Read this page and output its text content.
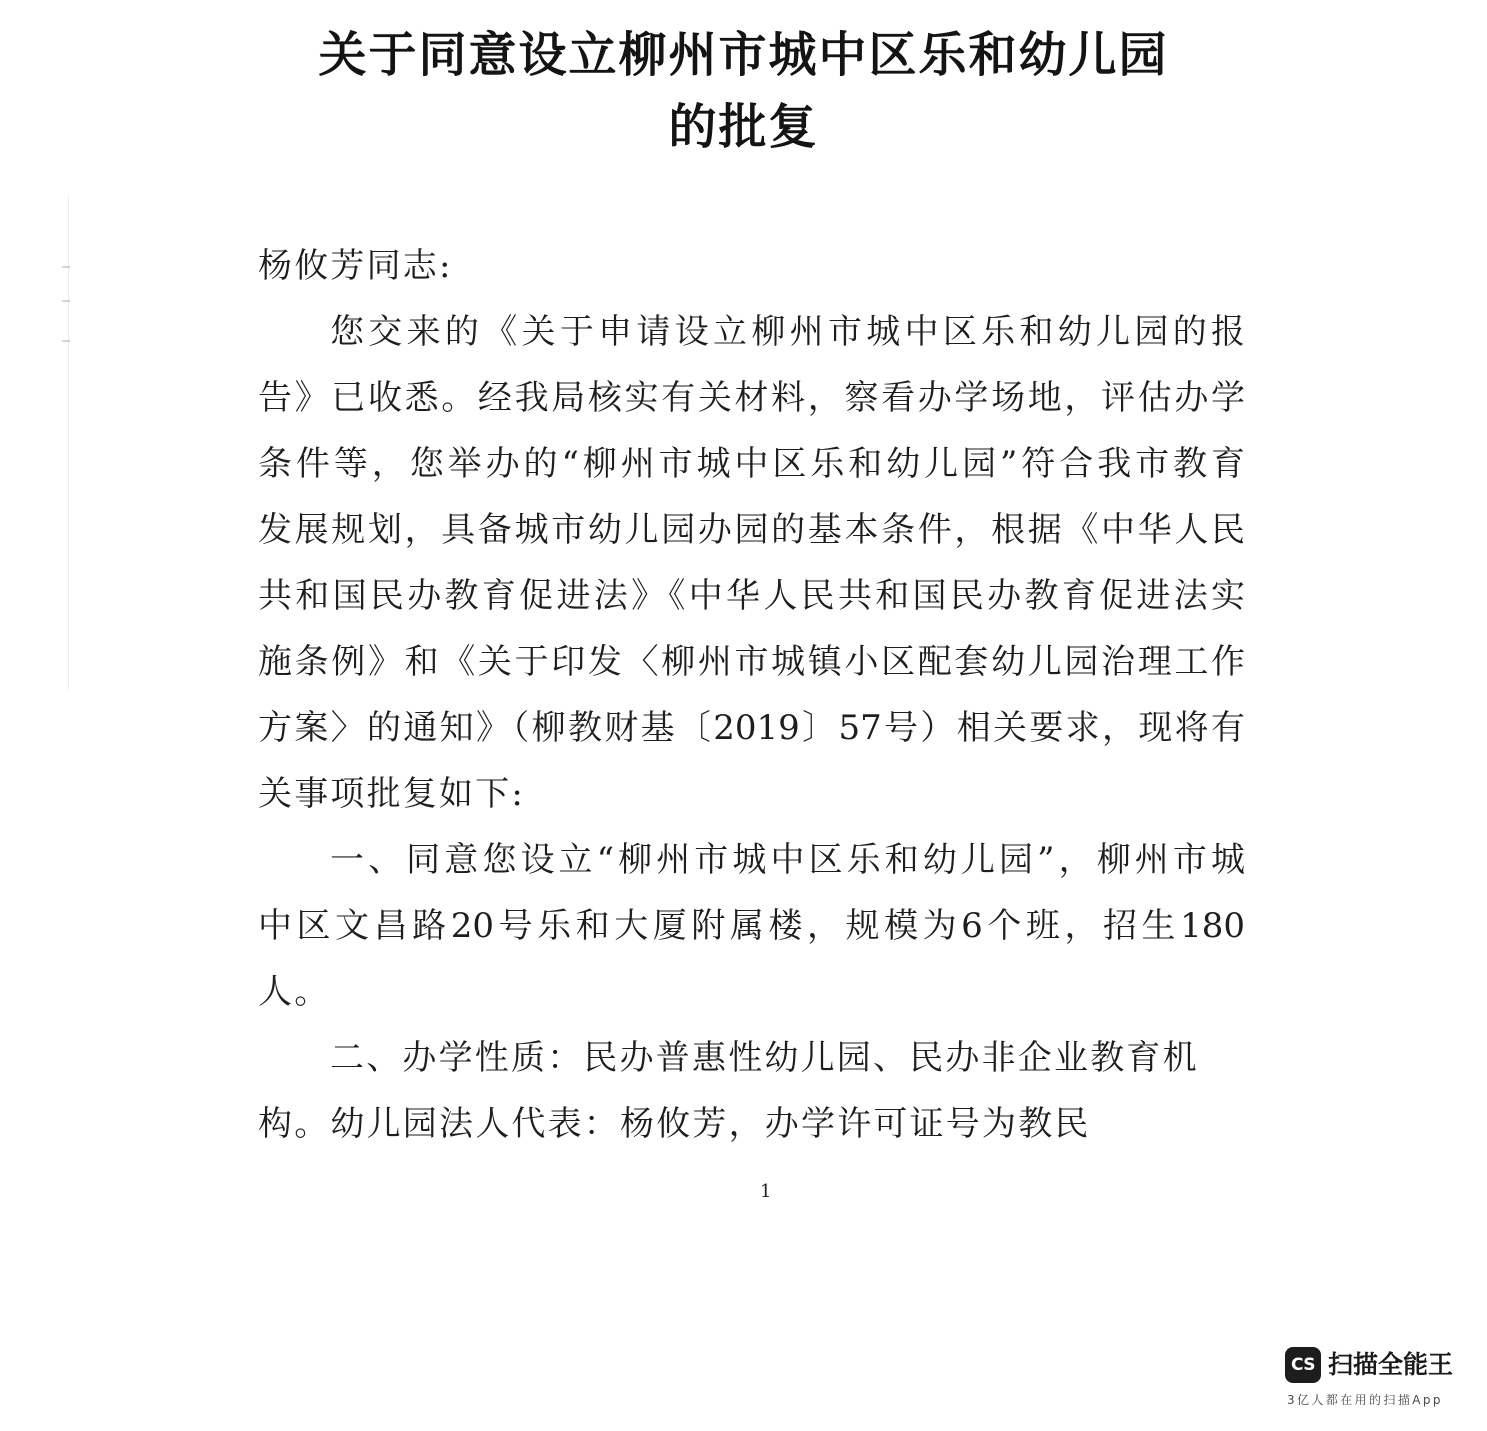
关于同意设立柳州市城中区乐和幼儿园
的批复
杨攸芳同志:
您交来的《关于申请设立柳州市城中区乐和幼儿园的报
告》已收悉。经我局核实有关材料，察看办学场地，评估办学
条件等，您举办的“柳州市城中区乐和幼儿园”符合我市教育
发展规划，具备城市幼儿园办园的基本条件，根据《中华人民
共和国民办教育促进法》《中华人民共和国民办教育促进法实
施条例》和《关于印发〈柳州市城镇小区配套幼儿园治理工作
方案〉的通知》（柳教财基〔2019〕57号）相关要求，现将有
关事项批复如下:
一、同意您设立“柳州市城中区乐和幼儿园”，柳州市城
中区文昌路20号乐和大厦附属楼，规模为6个班，招生180
人。
二、办学性质：民办普惠性幼儿园、民办非企业教育机
构。幼儿园法人代表：杨攸芳，办学许可证号为教民
1
CS 扫描全能王
3亿人都在用的扫描App
